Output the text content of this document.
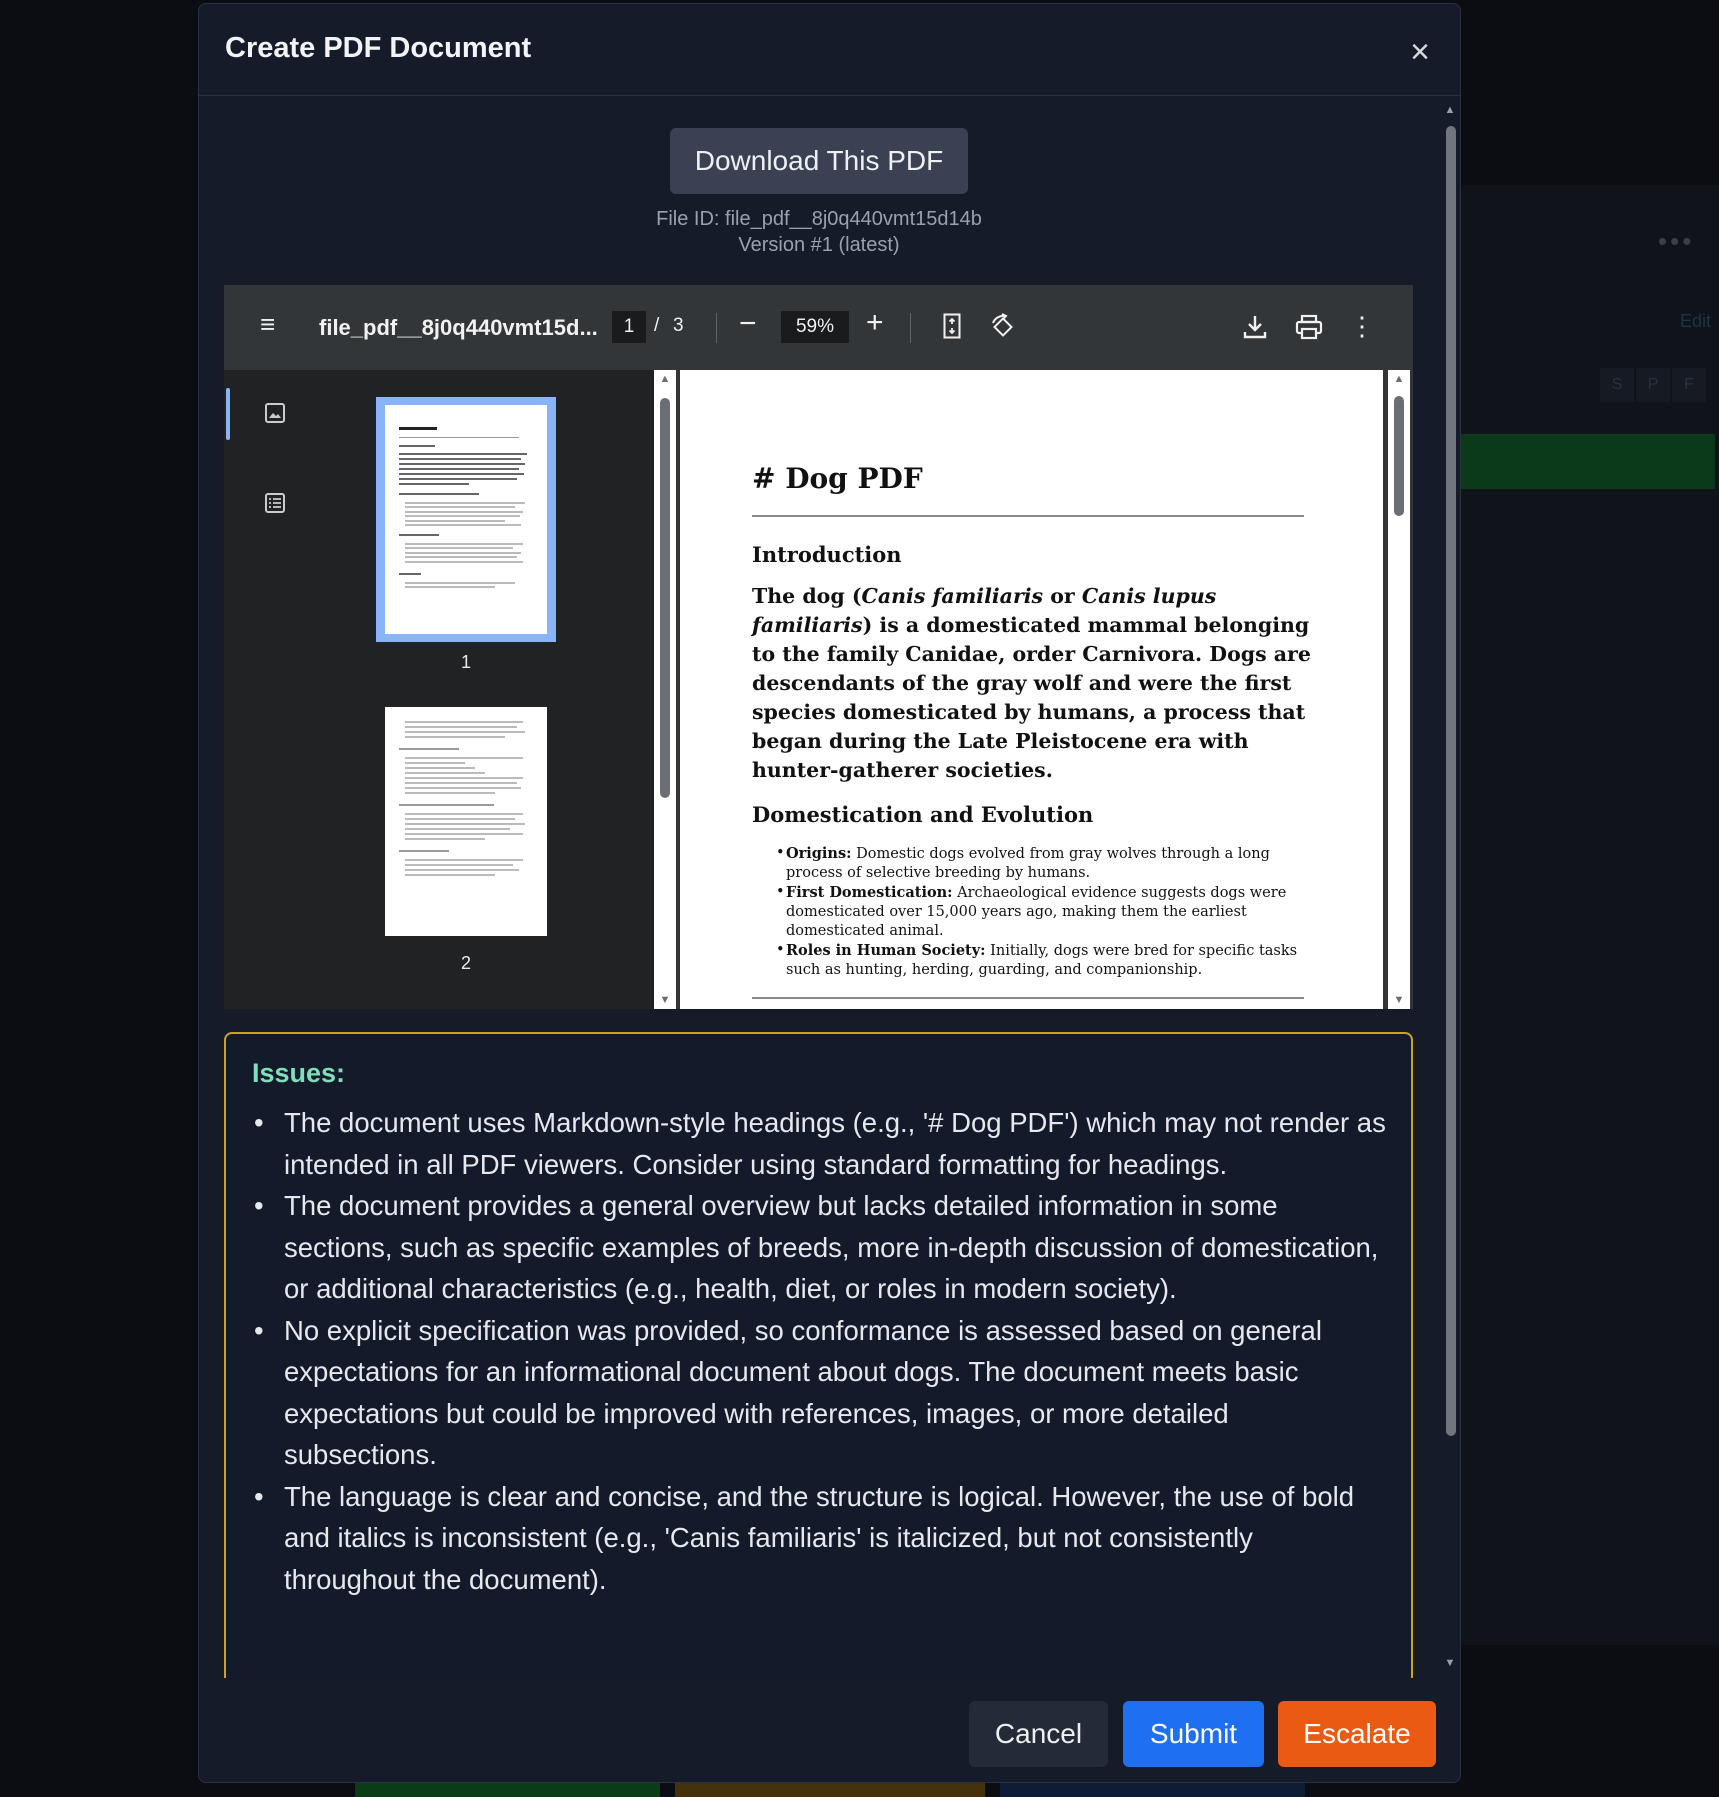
•••
Edit
S	P	F
Create PDF Document	×
Download This PDF
File ID: file_pdf__8j0q440vmt15d14b
Version #1 (latest)
≡ file_pdf__8j0q440vmt15d...	1	/ 3 −	59%	+	⋮
1
2
▲
▼
# Dog PDF
Introduction
The dog (Canis familiaris or Canis lupus familiaris) is a domesticated mammal belonging to the family Canidae, order Carnivora. Dogs are descendants of the gray wolf and were the first species domesticated by humans, a process that began during the Late Pleistocene era with hunter-gatherer societies.
Domestication and Evolution
• Origins: Domestic dogs evolved from gray wolves through a long process of selective breeding by humans.
• First Domestication: Archaeological evidence suggests dogs were domesticated over 15,000 years ago, making them the earliest domesticated animal.
• Roles in Human Society: Initially, dogs were bred for specific tasks such as hunting, herding, guarding, and companionship.
▲
▼
Issues:
• The document uses Markdown-style headings (e.g., '# Dog PDF') which may not render as intended in all PDF viewers. Consider using standard formatting for headings.
• The document provides a general overview but lacks detailed information in some sections, such as specific examples of breeds, more in-depth discussion of domestication, or additional characteristics (e.g., health, diet, or roles in modern society).
• No explicit specification was provided, so conformance is assessed based on general expectations for an informational document about dogs. The document meets basic expectations but could be improved with references, images, or more detailed subsections.
• The language is clear and concise, and the structure is logical. However, the use of bold and italics is inconsistent (e.g., 'Canis familiaris' is italicized, but not consistently throughout the document).
▲
▼
Cancel	Submit	Escalate
